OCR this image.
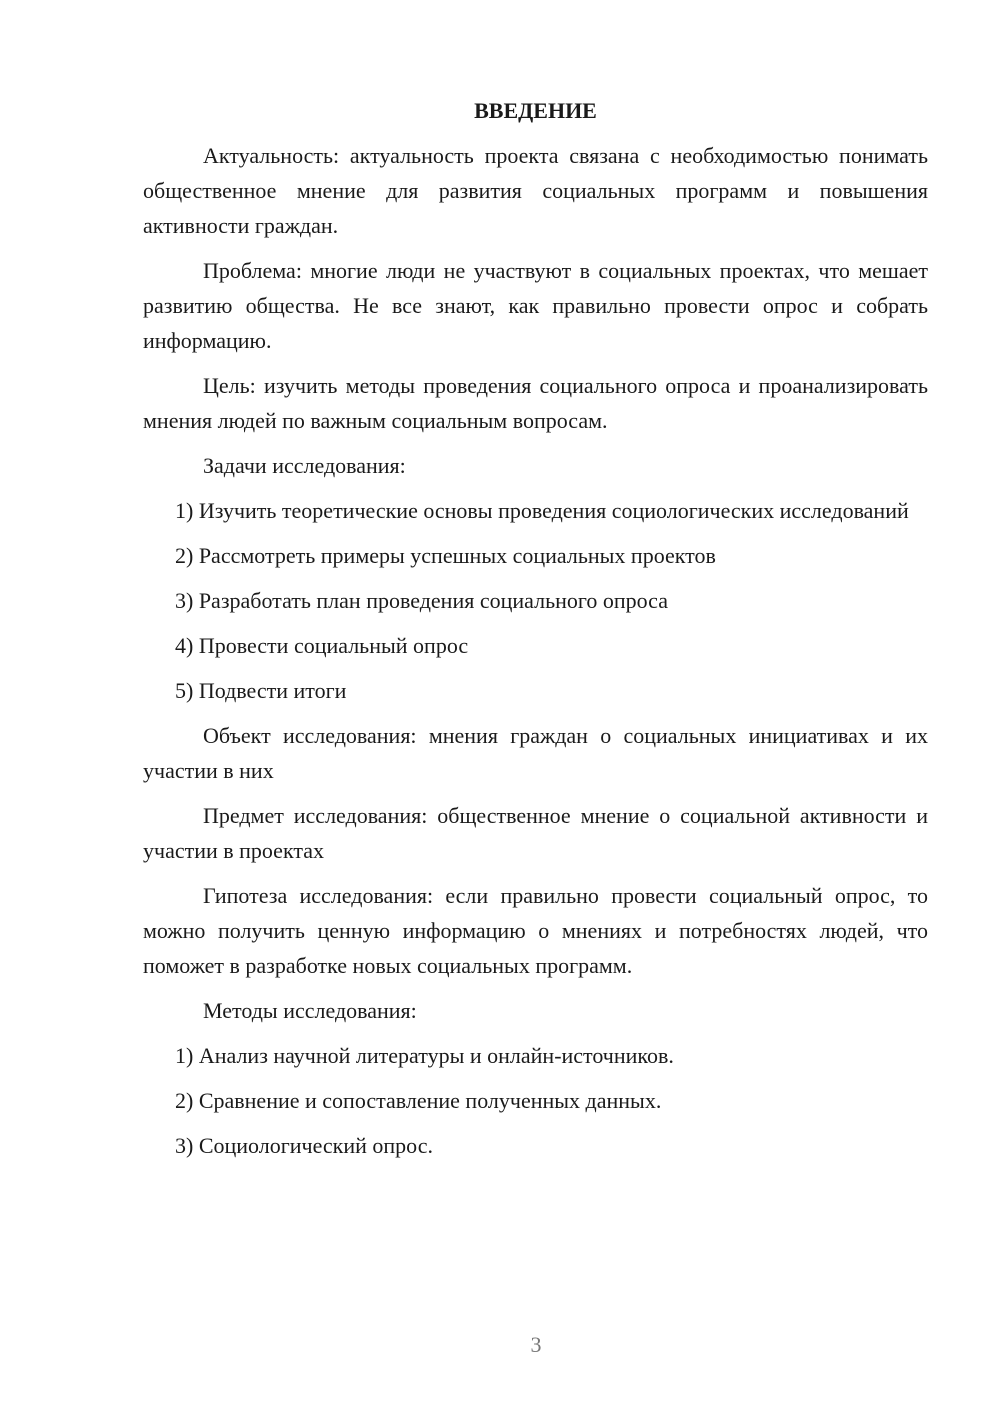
ВВЕДЕНИЕ

Актуальность: актуальность проекта связана с необходимостью понимать общественное мнение для развития социальных программ и повышения активности граждан.

Проблема: многие люди не участвуют в социальных проектах, что мешает развитию общества. Не все знают, как правильно провести опрос и собрать информацию.

Цель: изучить методы проведения социального опроса и проанализировать мнения людей по важным социальным вопросам.

Задачи исследования:

1) Изучить теоретические основы проведения социологических исследований

2) Рассмотреть примеры успешных социальных проектов

3) Разработать план проведения социального опроса

4) Провести социальный опрос

5) Подвести итоги

Объект исследования: мнения граждан о социальных инициативах и их участии в них

Предмет исследования: общественное мнение о социальной активности и участии в проектах

Гипотеза исследования: если правильно провести социальный опрос, то можно получить ценную информацию о мнениях и потребностях людей, что поможет в разработке новых социальных программ.

Методы исследования:

1) Анализ научной литературы и онлайн-источников.

2) Сравнение и сопоставление полученных данных.

3) Социологический опрос.

3
